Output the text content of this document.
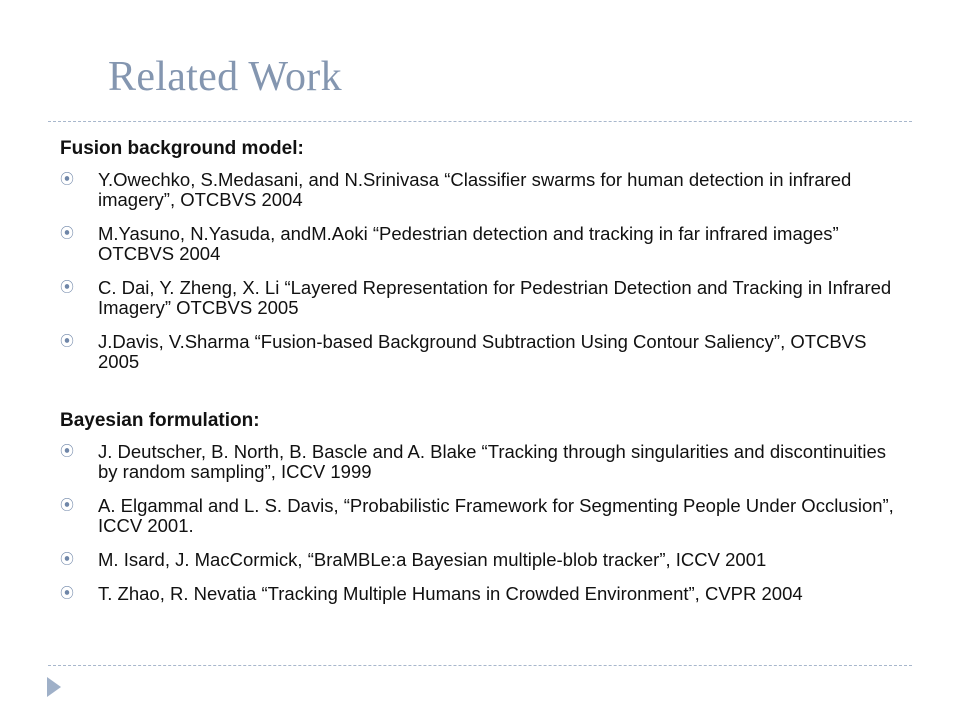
Related Work
Fusion background model:
⦿ Y.Owechko, S.Medasani, and N.Srinivasa “Classifier swarms for human detection in infrared imagery”, OTCBVS 2004
⦿ M.Yasuno, N.Yasuda, andM.Aoki “Pedestrian detection and tracking in far infrared images” OTCBVS 2004
⦿ C. Dai, Y. Zheng, X. Li “Layered Representation for Pedestrian Detection and Tracking in Infrared Imagery” OTCBVS 2005
⦿ J.Davis, V.Sharma “Fusion-based Background Subtraction Using Contour Saliency”, OTCBVS 2005
Bayesian formulation:
⦿ J. Deutscher, B. North, B. Bascle and A. Blake “Tracking through singularities and discontinuities by random sampling”, ICCV 1999
⦿ A. Elgammal and L. S. Davis, “Probabilistic Framework for Segmenting People Under Occlusion”, ICCV 2001.
⦿ M. Isard, J. MacCormick, “BraMBLe:a Bayesian multiple-blob tracker”, ICCV 2001
⦿ T. Zhao, R. Nevatia “Tracking Multiple Humans in Crowded Environment”, CVPR 2004
